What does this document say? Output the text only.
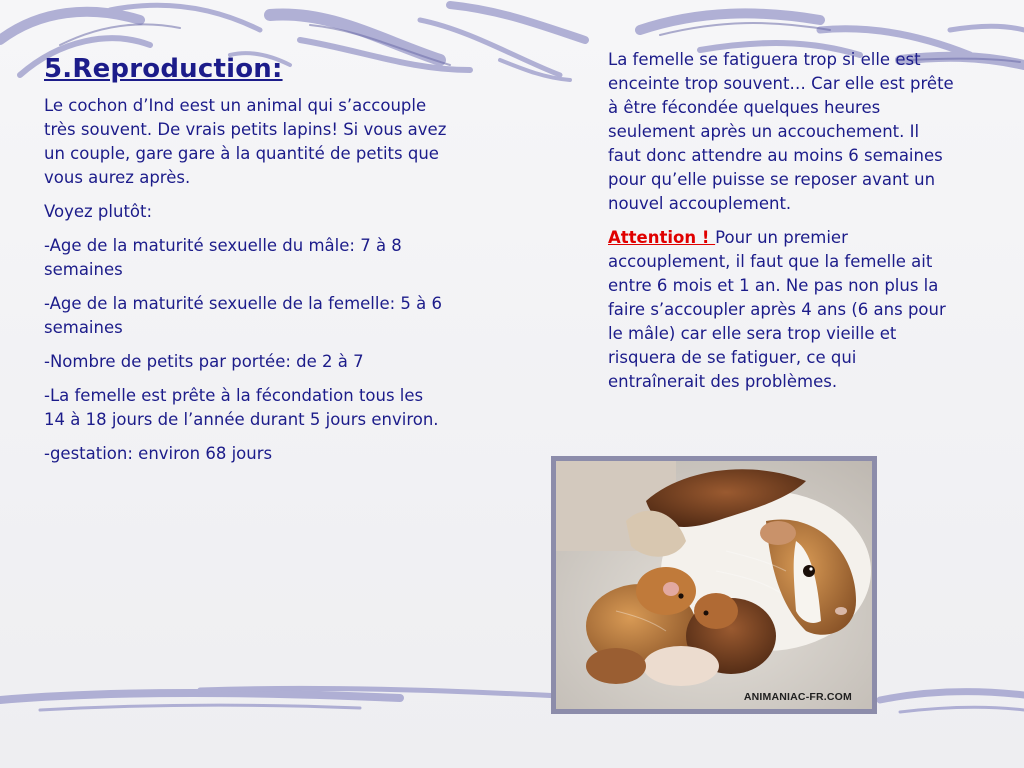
5.Reproduction:

Le cochon d’Ind eest un animal qui s’accouple très souvent. De vrais petits lapins! Si vous avez un couple, gare gare à la quantité de petits que vous aurez après.

Voyez plutôt:

-Age de la maturité sexuelle du mâle: 7 à 8 semaines

-Age de la maturité sexuelle de la femelle: 5 à 6 semaines

-Nombre de petits par portée: de 2 à 7

-La femelle est prête à la fécondation tous les 14 à 18 jours de l’année durant 5 jours environ.

-gestation: environ 68 jours

La femelle se fatiguera trop si elle est enceinte trop souvent… Car elle est prête à être fécondée quelques heures seulement après un accouchement. Il faut donc attendre au moins 6 semaines pour qu’elle puisse se reposer avant un nouvel accouplement.

Attention ! Pour un premier accouplement, il faut que la femelle ait entre 6 mois et 1 an. Ne pas non plus la faire s’accoupler après 4 ans (6 ans pour le mâle) car elle sera trop vieille et risquera de se fatiguer, ce qui entraînerait des problèmes.

ANIMANIAC-FR.COM
